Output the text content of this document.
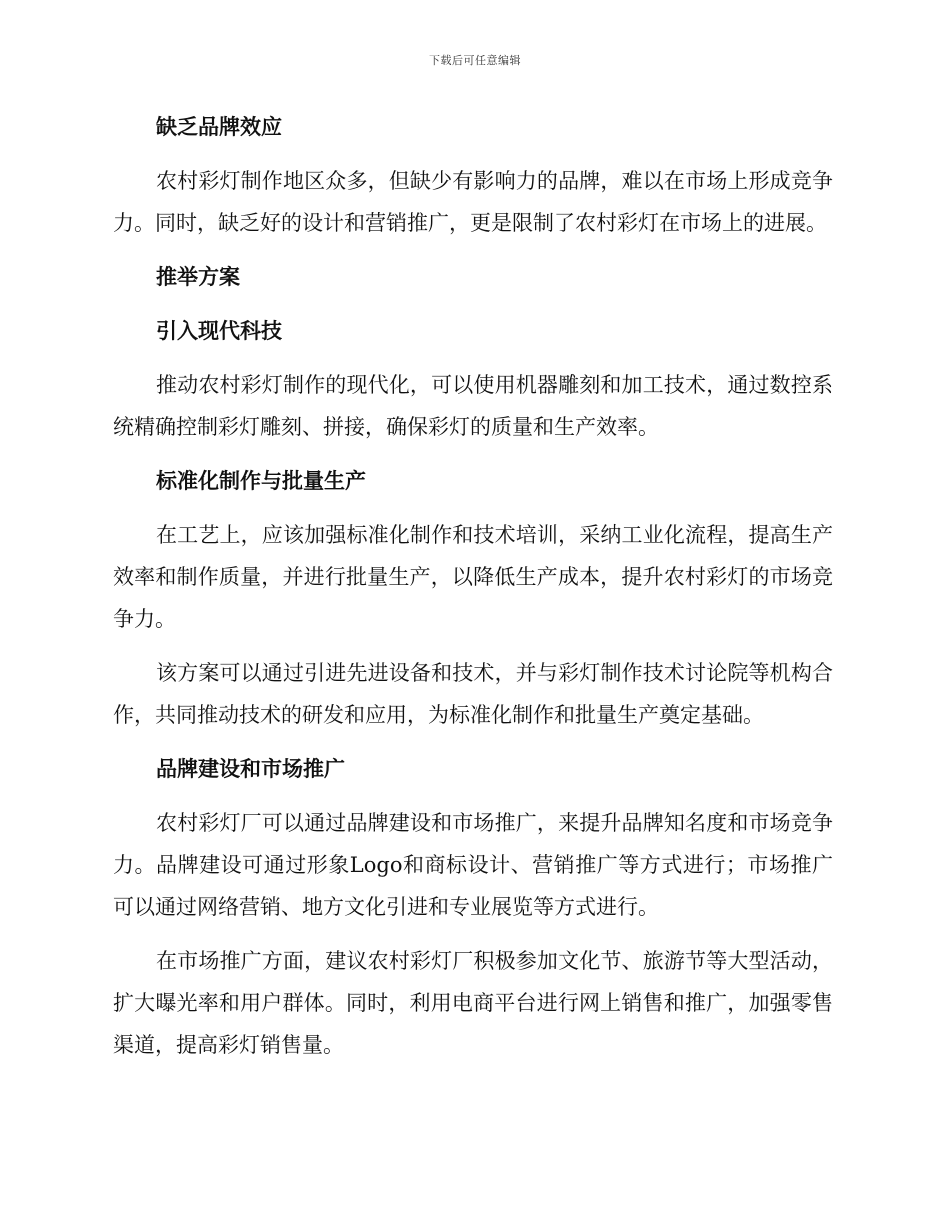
下载后可任意编辑
缺乏品牌效应

农村彩灯制作地区众多，但缺少有影响力的品牌，难以在市场上形成竞争力。同时，缺乏好的设计和营销推广，更是限制了农村彩灯在市场上的进展。

推举方案
引入现代科技

推动农村彩灯制作的现代化，可以使用机器雕刻和加工技术，通过数控系统精确控制彩灯雕刻、拼接，确保彩灯的质量和生产效率。

标准化制作与批量生产

在工艺上，应该加强标准化制作和技术培训，采纳工业化流程，提高生产效率和制作质量，并进行批量生产，以降低生产成本，提升农村彩灯的市场竞争力。

该方案可以通过引进先进设备和技术，并与彩灯制作技术讨论院等机构合作，共同推动技术的研发和应用，为标准化制作和批量生产奠定基础。

品牌建设和市场推广

农村彩灯厂可以通过品牌建设和市场推广，来提升品牌知名度和市场竞争力。品牌建设可通过形象Logo和商标设计、营销推广等方式进行；市场推广可以通过网络营销、地方文化引进和专业展览等方式进行。

在市场推广方面，建议农村彩灯厂积极参加文化节、旅游节等大型活动，扩大曝光率和用户群体。同时，利用电商平台进行网上销售和推广，加强零售渠道，提高彩灯销售量。
